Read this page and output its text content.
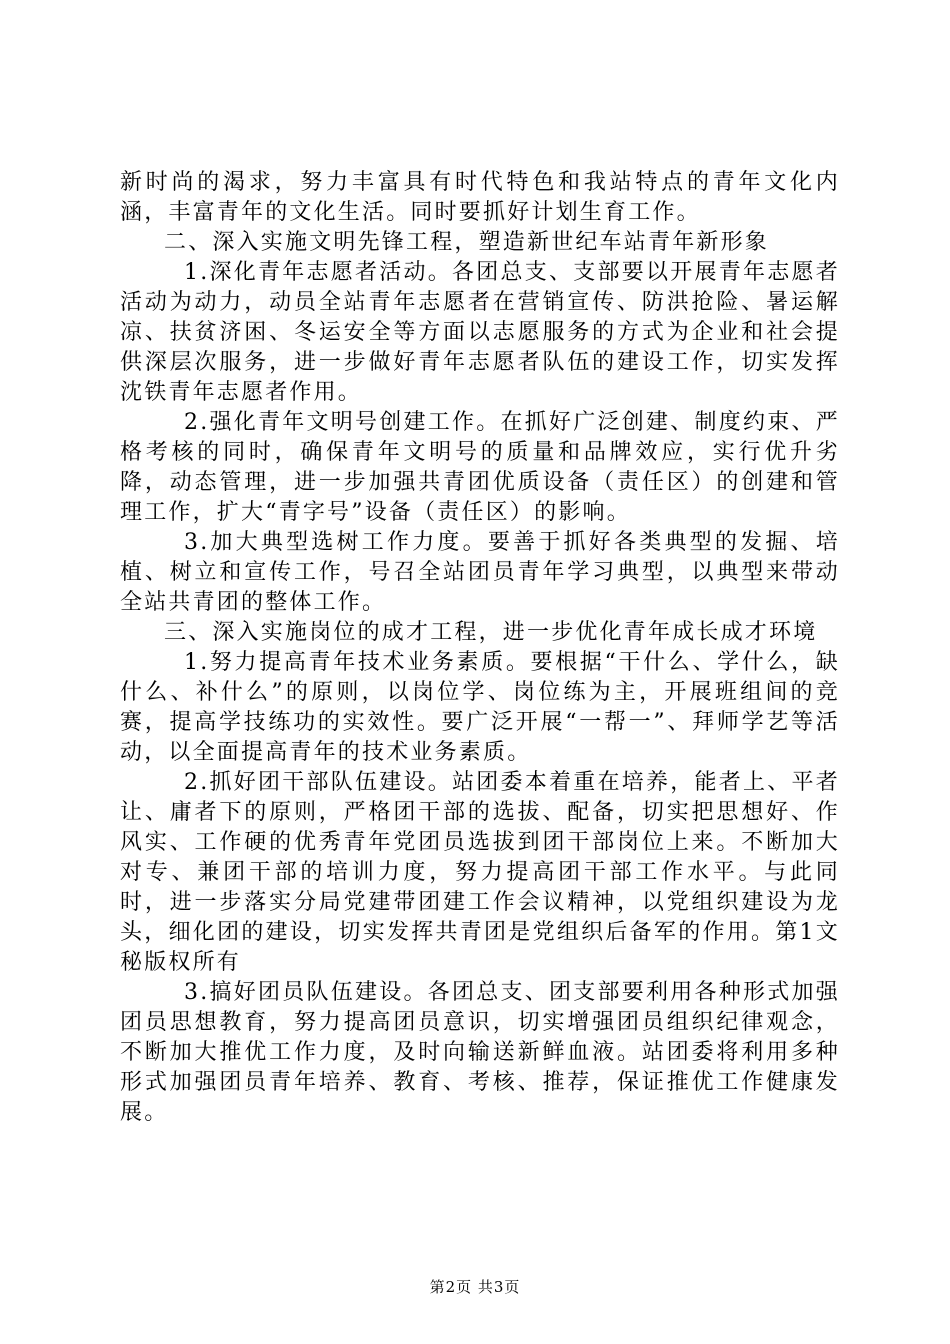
新时尚的渴求，努力丰富具有时代特色和我站特点的青年文化内涵，丰富青年的文化生活。同时要抓好计划生育工作。

二、深入实施文明先锋工程，塑造新世纪车站青年新形象

1.深化青年志愿者活动。各团总支、支部要以开展青年志愿者活动为动力，动员全站青年志愿者在营销宣传、防洪抢险、暑运解凉、扶贫济困、冬运安全等方面以志愿服务的方式为企业和社会提供深层次服务，进一步做好青年志愿者队伍的建设工作，切实发挥沈铁青年志愿者作用。

2.强化青年文明号创建工作。在抓好广泛创建、制度约束、严格考核的同时，确保青年文明号的质量和品牌效应，实行优升劣降，动态管理，进一步加强共青团优质设备（责任区）的创建和管理工作，扩大“青字号”设备（责任区）的影响。

3.加大典型选树工作力度。要善于抓好各类典型的发掘、培植、树立和宣传工作，号召全站团员青年学习典型，以典型来带动全站共青团的整体工作。

三、深入实施岗位的成才工程，进一步优化青年成长成才环境

1.努力提高青年技术业务素质。要根据“干什么、学什么，缺什么、补什么”的原则，以岗位学、岗位练为主，开展班组间的竞赛，提高学技练功的实效性。要广泛开展“一帮一”、拜师学艺等活动，以全面提高青年的技术业务素质。

2.抓好团干部队伍建设。站团委本着重在培养，能者上、平者让、庸者下的原则，严格团干部的选拔、配备，切实把思想好、作风实、工作硬的优秀青年党团员选拔到团干部岗位上来。不断加大对专、兼团干部的培训力度，努力提高团干部工作水平。与此同时，进一步落实分局党建带团建工作会议精神，以党组织建设为龙头，细化团的建设，切实发挥共青团是党组织后备军的作用。第1文秘版权所有

3.搞好团员队伍建设。各团总支、团支部要利用各种形式加强团员思想教育，努力提高团员意识，切实增强团员组织纪律观念，不断加大推优工作力度，及时向输送新鲜血液。站团委将利用多种形式加强团员青年培养、教育、考核、推荐，保证推优工作健康发展。

第2页 共3页
